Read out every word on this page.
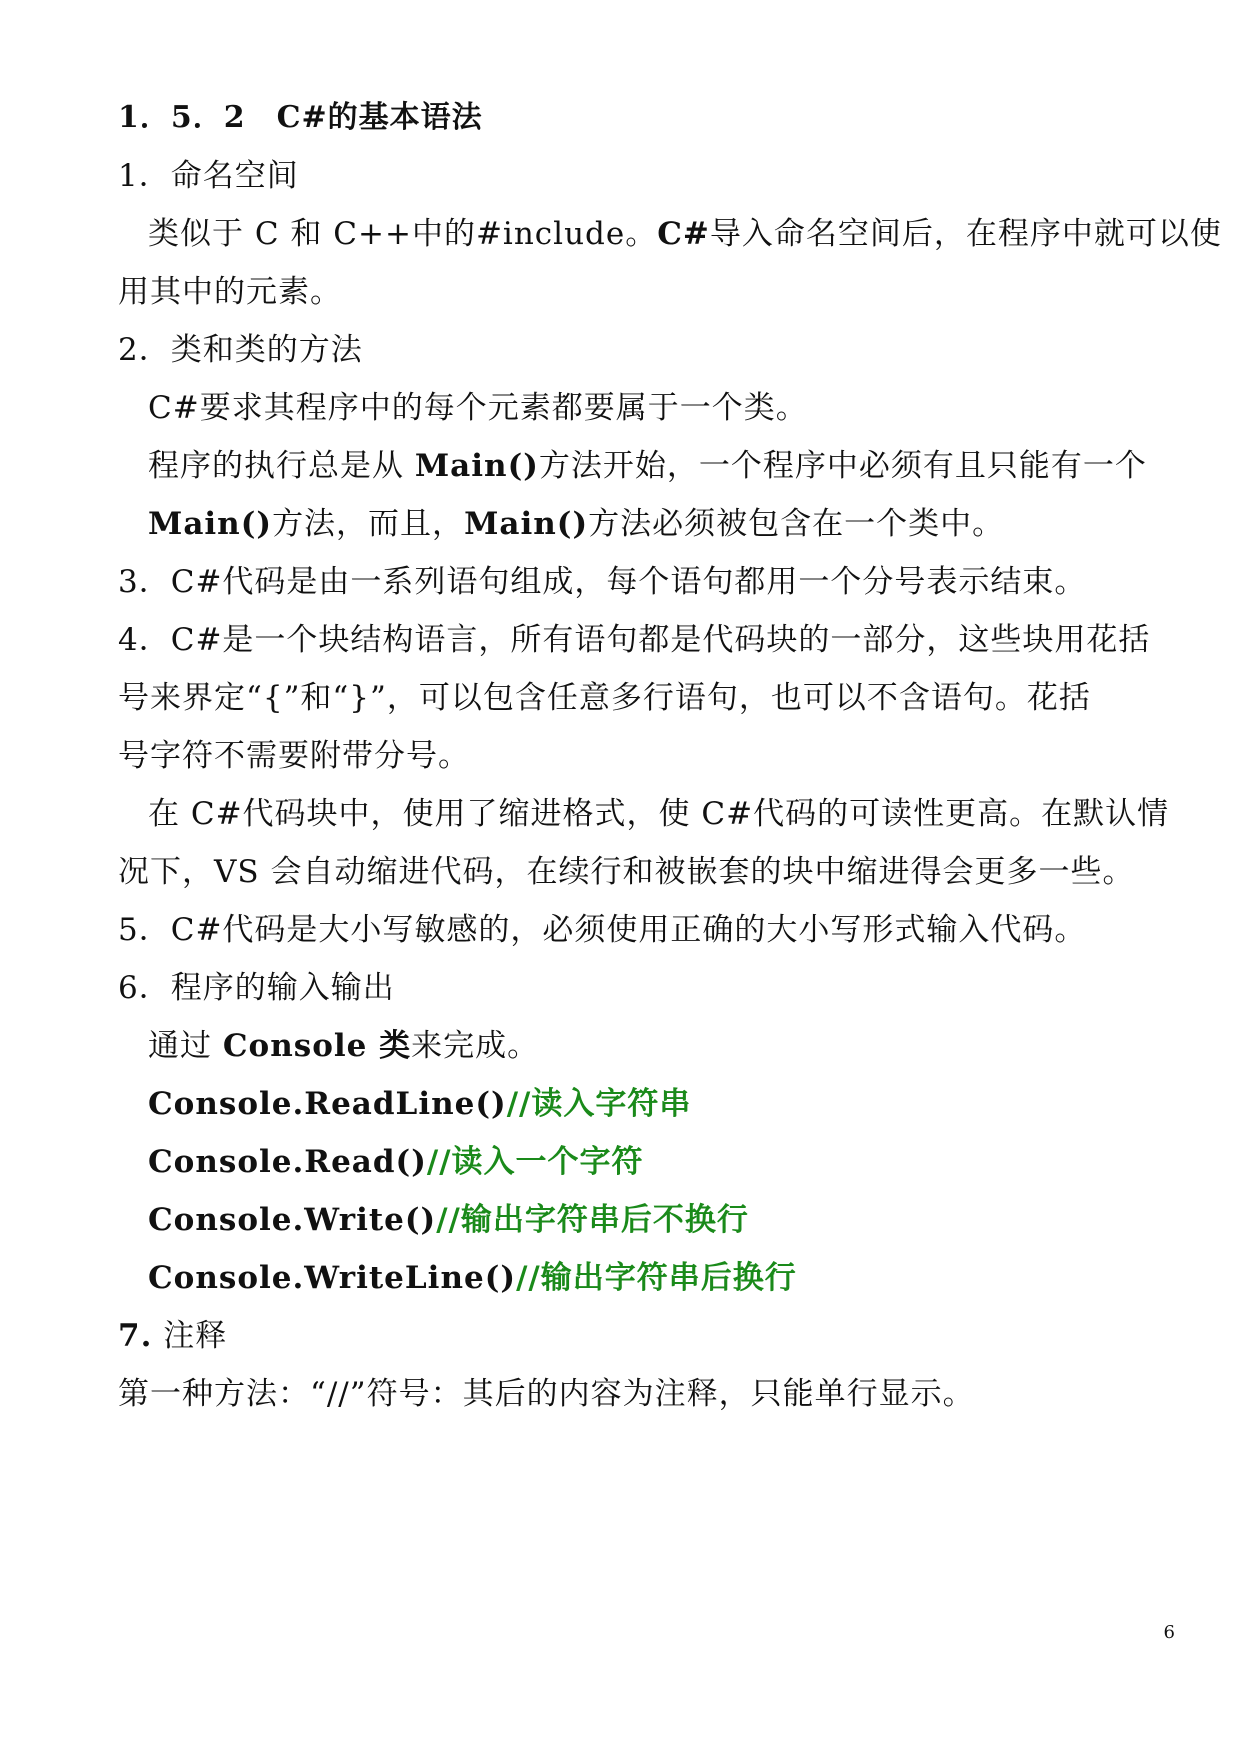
1．5．2　C#的基本语法
1．命名空间
类似于 C 和 C++中的#include。C#导入命名空间后，在程序中就可以使
用其中的元素。
2．类和类的方法
C#要求其程序中的每个元素都要属于一个类。
程序的执行总是从 Main()方法开始，一个程序中必须有且只能有一个
Main()方法，而且，Main()方法必须被包含在一个类中。
3．C#代码是由一系列语句组成，每个语句都用一个分号表示结束。
4．C#是一个块结构语言，所有语句都是代码块的一部分，这些块用花括
号来界定“{”和“}”，可以包含任意多行语句，也可以不含语句。花括
号字符不需要附带分号。
在 C#代码块中，使用了缩进格式，使 C#代码的可读性更高。在默认情
况下，VS 会自动缩进代码，在续行和被嵌套的块中缩进得会更多一些。
5．C#代码是大小写敏感的，必须使用正确的大小写形式输入代码。
6．程序的输入输出
通过 Console 类来完成。
Console.ReadLine()//读入字符串
Console.Read()//读入一个字符
Console.Write()//输出字符串后不换行
Console.WriteLine()//输出字符串后换行
7. 注释
第一种方法：“//”符号：其后的内容为注释，只能单行显示。
6
